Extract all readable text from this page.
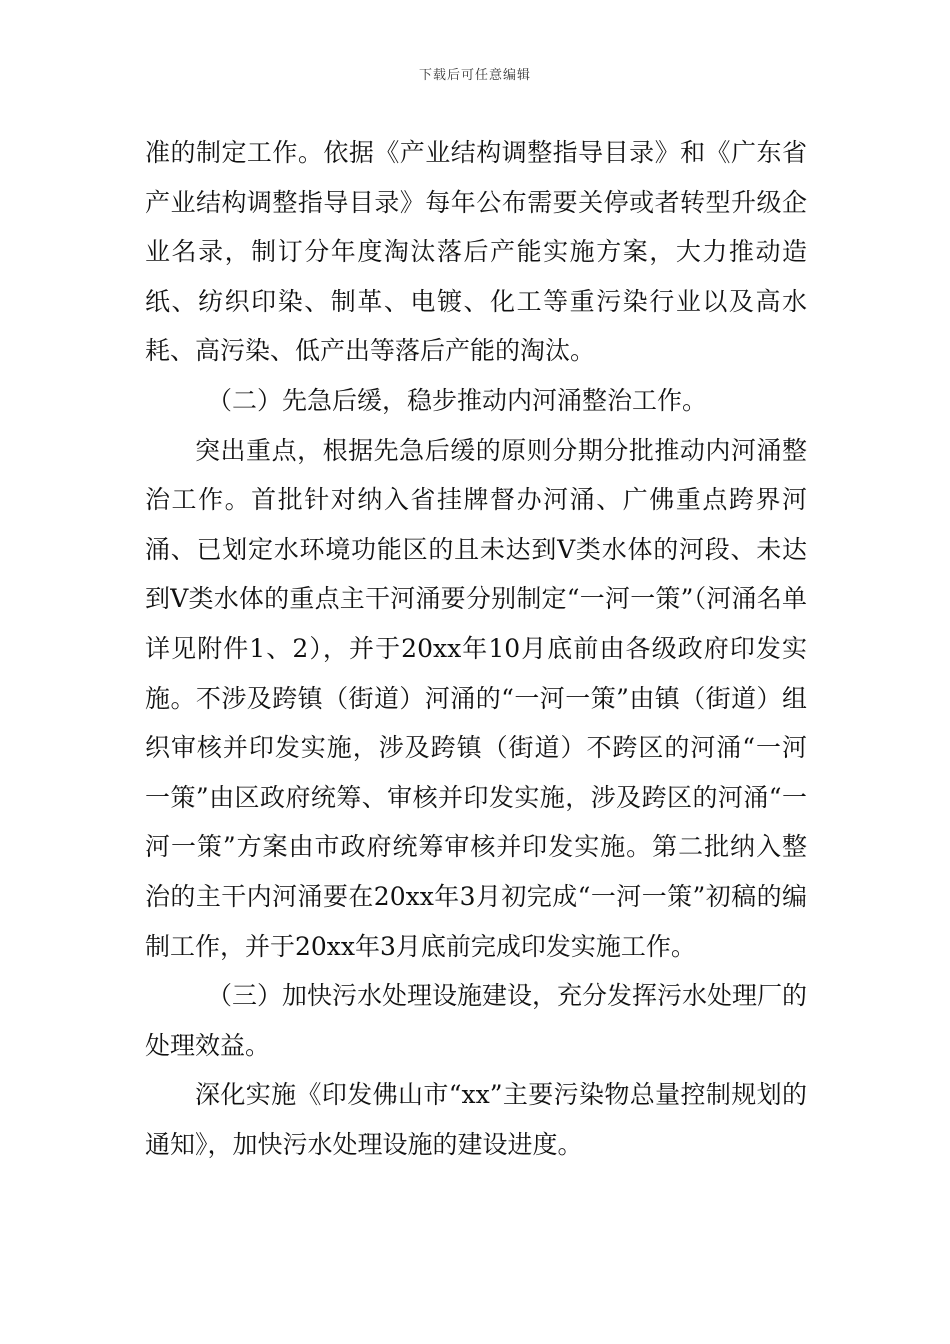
下载后可任意编辑

准的制定工作。依据《产业结构调整指导目录》和《广东省产业结构调整指导目录》每年公布需要关停或者转型升级企业名录，制订分年度淘汰落后产能实施方案，大力推动造纸、纺织印染、制革、电镀、化工等重污染行业以及高水耗、高污染、低产出等落后产能的淘汰。

（二）先急后缓，稳步推动内河涌整治工作。

突出重点，根据先急后缓的原则分期分批推动内河涌整治工作。首批针对纳入省挂牌督办河涌、广佛重点跨界河涌、已划定水环境功能区的且未达到Ⅴ类水体的河段、未达到Ⅴ类水体的重点主干河涌要分别制定“一河一策”（河涌名单详见附件1、2），并于20xx年10月底前由各级政府印发实施。不涉及跨镇（街道）河涌的“一河一策”由镇（街道）组织审核并印发实施，涉及跨镇（街道）不跨区的河涌“一河一策”由区政府统筹、审核并印发实施，涉及跨区的河涌“一河一策”方案由市政府统筹审核并印发实施。第二批纳入整治的主干内河涌要在20xx年3月初完成“一河一策”初稿的编制工作，并于20xx年3月底前完成印发实施工作。

（三）加快污水处理设施建设，充分发挥污水处理厂的处理效益。

深化实施《印发佛山市“xx”主要污染物总量控制规划的通知》，加快污水处理设施的建设进度。
